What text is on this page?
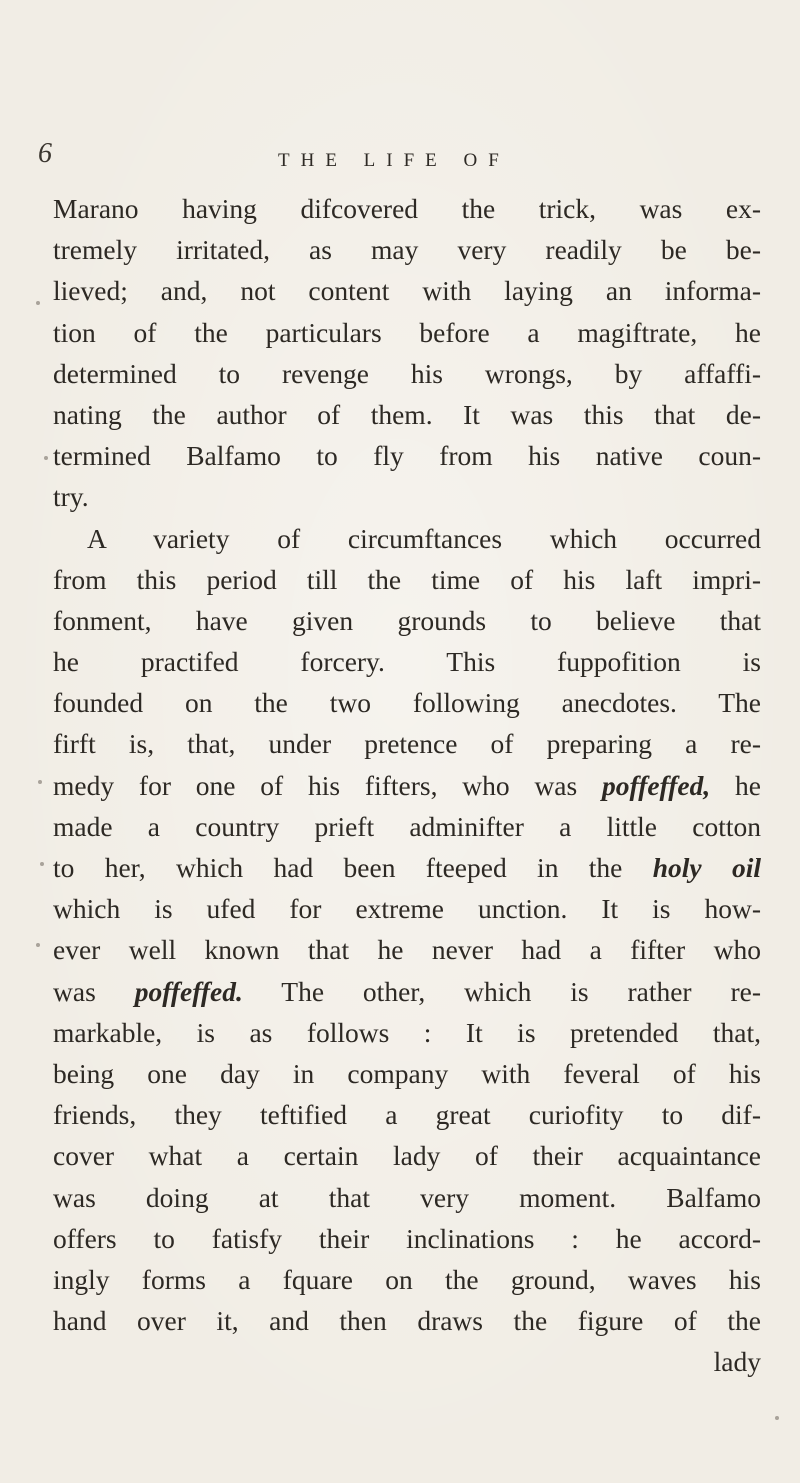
6	THE LIFE OF
Marano having difcovered the trick, was ex-
tremely irritated, as may very readily be be-
lieved; and, not content with laying an informa-
tion of the particulars before a magiftrate, he
determined to revenge his wrongs, by affaffi-
nating the author of them. It was this that de-
termined Balfamo to fly from his native coun-
try.
A variety of circumftances which occurred
from this period till the time of his laft impri-
fonment, have given grounds to believe that
he practifed forcery. This fuppofition is
founded on the two following anecdotes. The
firft is, that, under pretence of preparing a re-
medy for one of his fifters, who was poffeffed, he
made a country prieft adminifter a little cotton
to her, which had been fteeped in the holy oil
which is ufed for extreme unction. It is how-
ever well known that he never had a fifter who
was poffeffed. The other, which is rather re-
markable, is as follows : It is pretended that,
being one day in company with feveral of his
friends, they teftified a great curiofity to dif-
cover what a certain lady of their acquaintance
was doing at that very moment. Balfamo
offers to fatisfy their inclinations : he accord-
ingly forms a fquare on the ground, waves his
hand over it, and then draws the figure of the
lady
